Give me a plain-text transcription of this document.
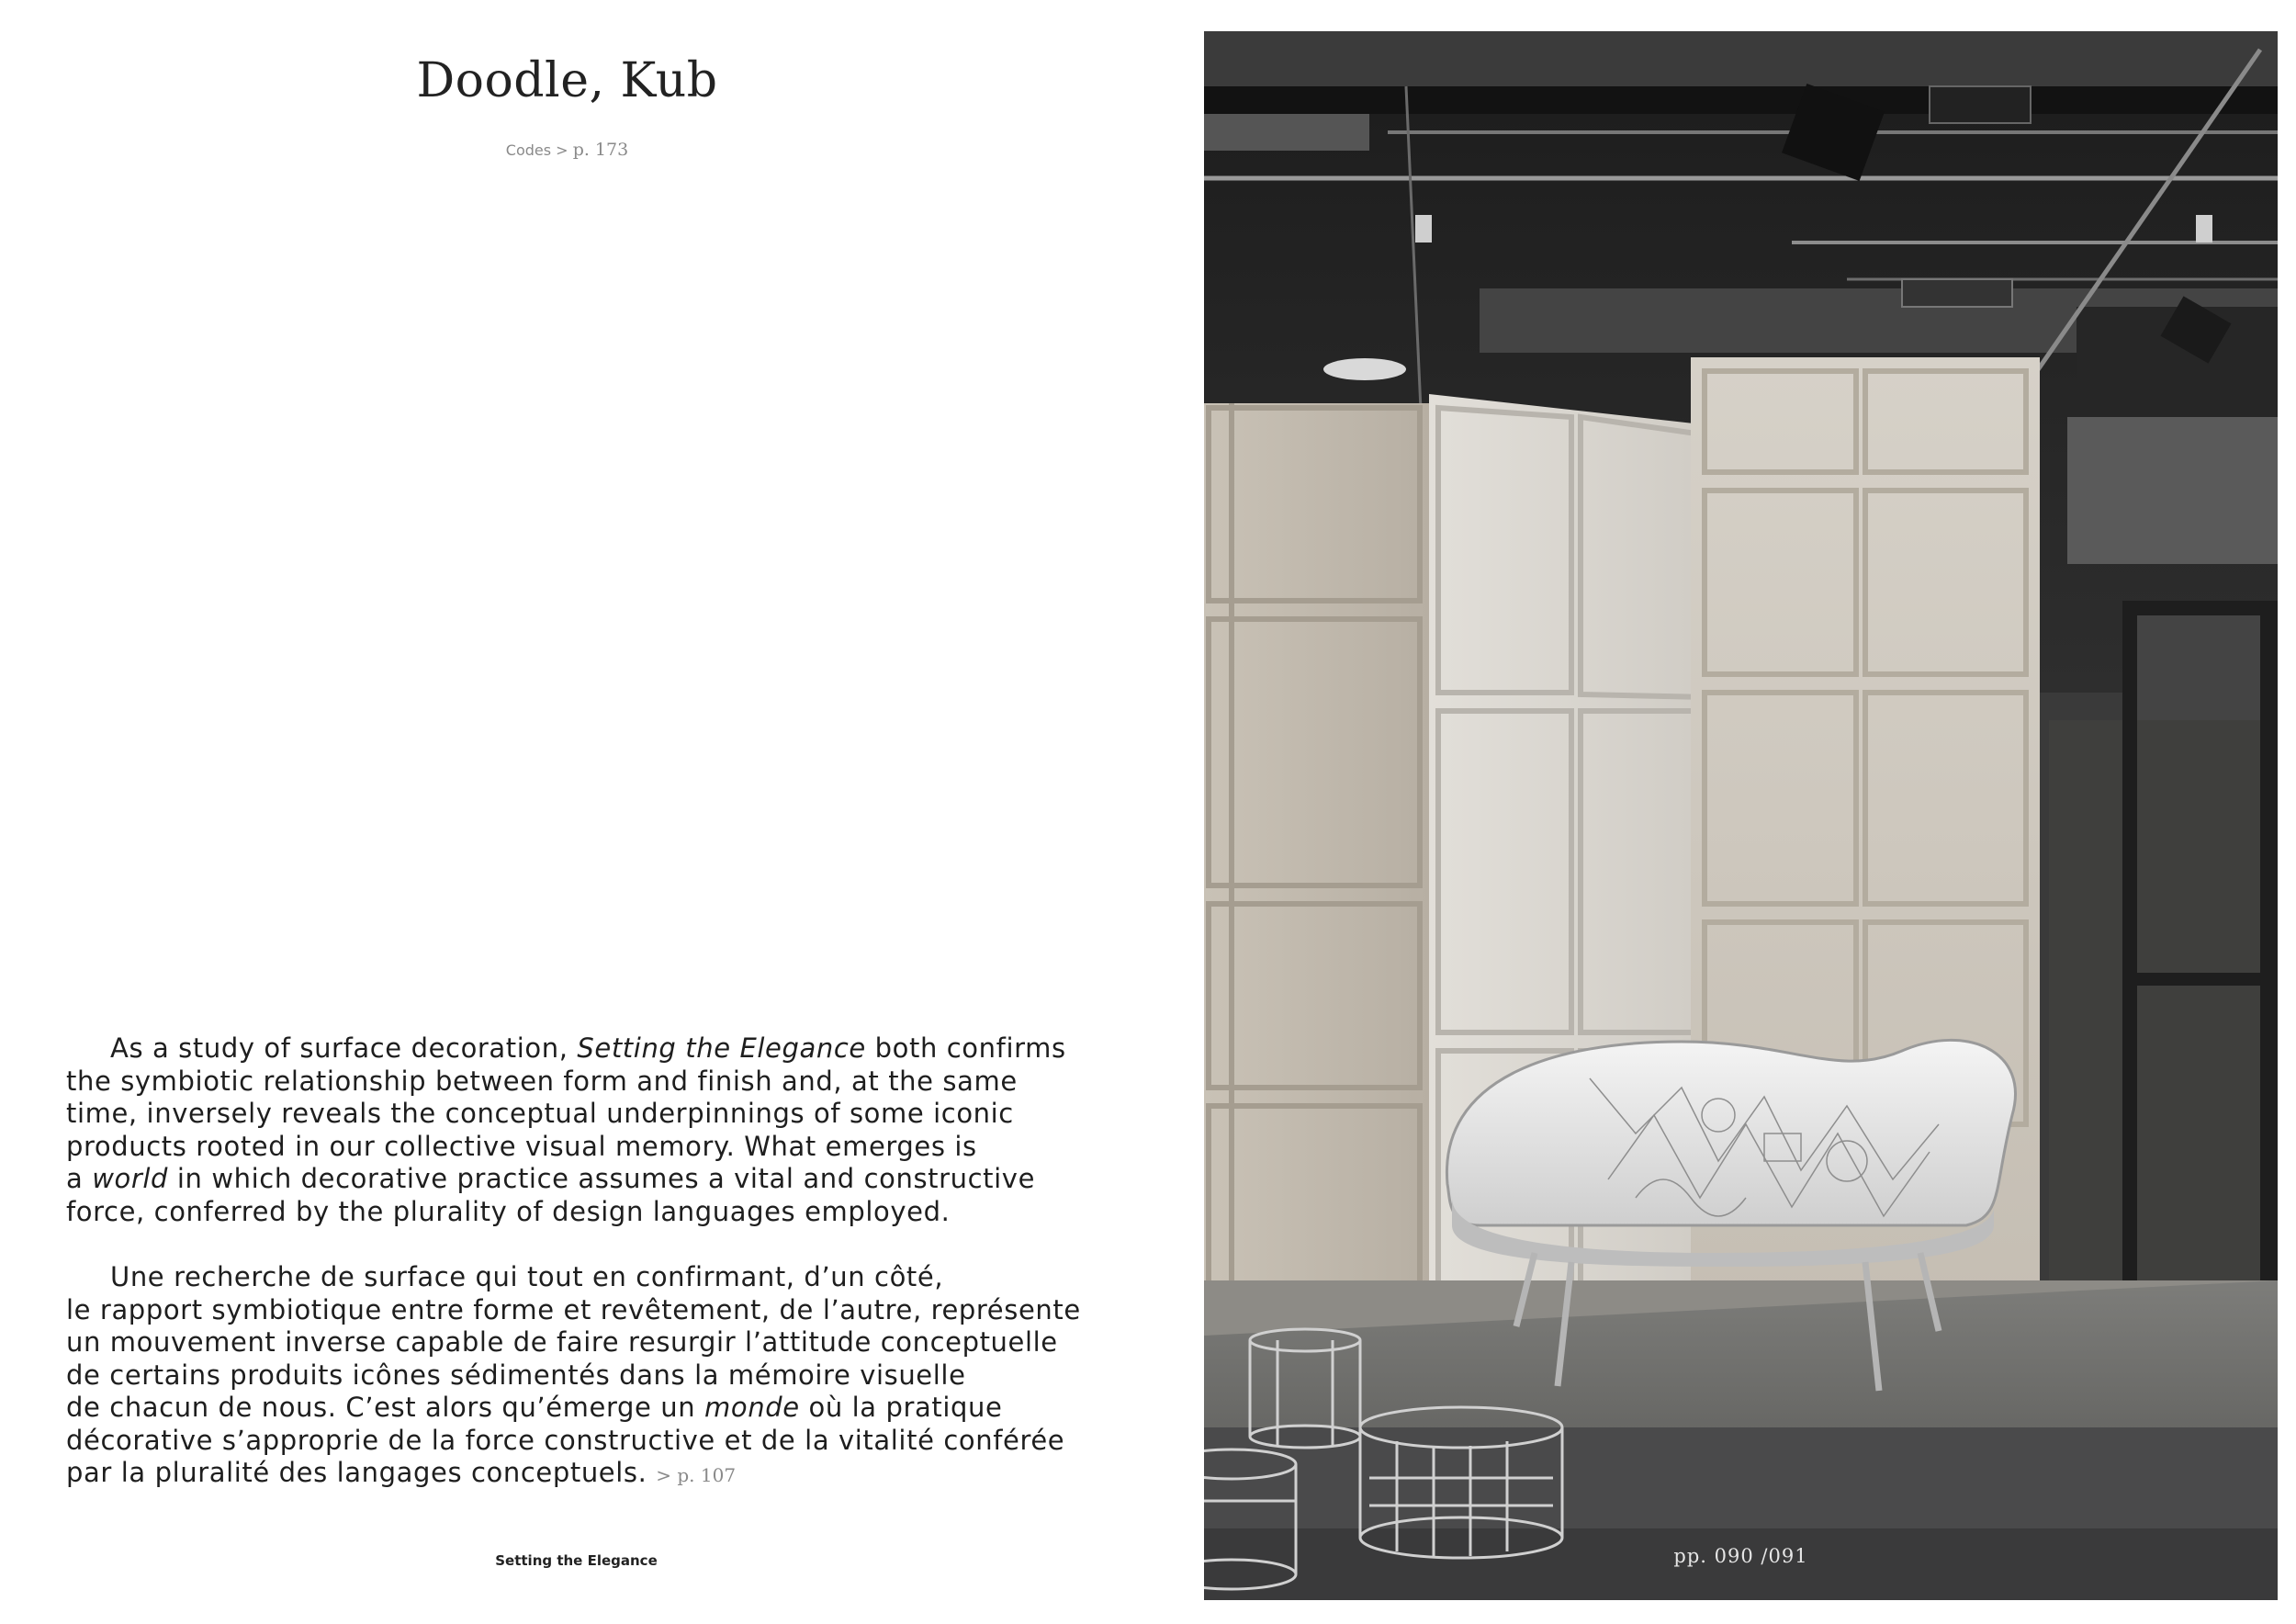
Doodle, Kub
Codes > p. 173
As a study of surface decoration, Setting the Elegance both confirms
the symbiotic relationship between form and finish and, at the same
time, inversely reveals the conceptual underpinnings of some iconic
products rooted in our collective visual memory. What emerges is
a world in which decorative practice assumes a vital and constructive
force, conferred by the plurality of design languages employed.
Une recherche de surface qui tout en confirmant, d’un côté,
le rapport symbiotique entre forme et revêtement, de l’autre, représente
un mouvement inverse capable de faire resurgir l’attitude conceptuelle
de certains produits icônes sédimentés dans la mémoire visuelle
de chacun de nous. C’est alors qu’émerge un monde où la pratique
décorative s’approprie de la force constructive et de la vitalité conférée
par la pluralité des langages conceptuels. > p. 107
Setting the Elegance	pp. 090 /091
